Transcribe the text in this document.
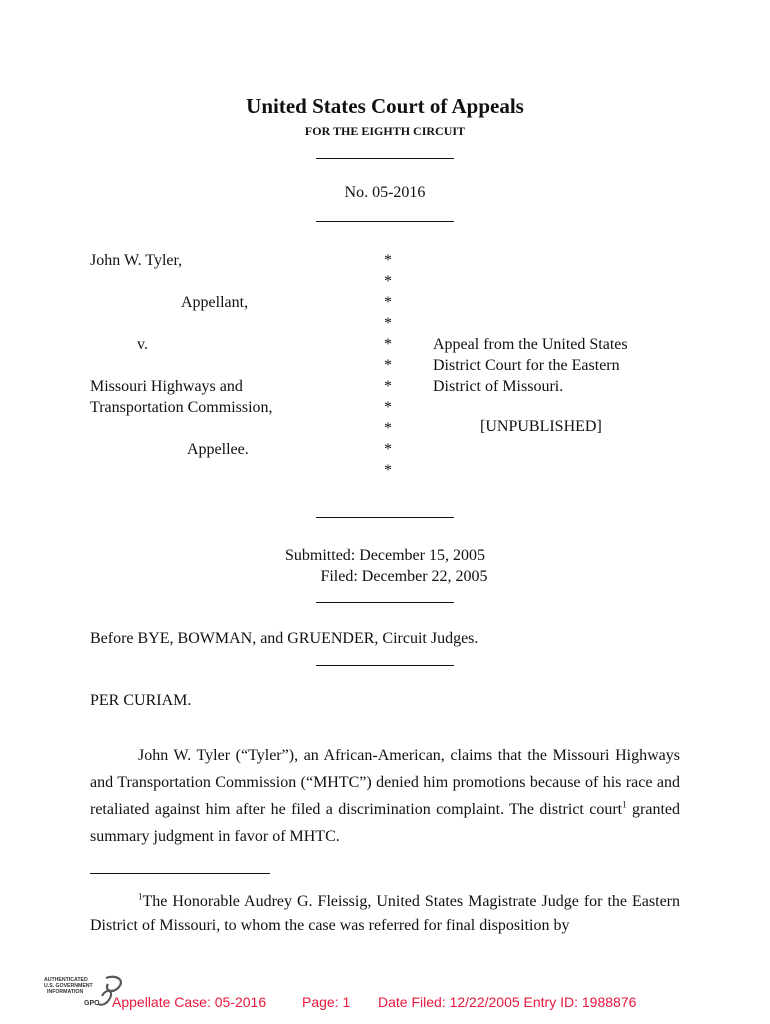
United States Court of Appeals
FOR THE EIGHTH CIRCUIT
No. 05-2016
John W. Tyler,
Appellant,
v.
Missouri Highways and
Transportation Commission,
Appellee.
*
*
*
*
*
*
*
*
*
*
*
Appeal from the United States
District Court for the Eastern
District of Missouri.
[UNPUBLISHED]
Submitted: December 15, 2005
Filed: December 22, 2005
Before BYE, BOWMAN, and GRUENDER, Circuit Judges.
PER CURIAM.
John W. Tyler (“Tyler”), an African-American, claims that the Missouri Highways and Transportation Commission (“MHTC”) denied him promotions because of his race and retaliated against him after he filed a discrimination complaint. The district court$^1$ granted summary judgment in favor of MHTC.
$^1$The Honorable Audrey G. Fleissig, United States Magistrate Judge for the Eastern District of Missouri, to whom the case was referred for final disposition by
AUTHENTICATED
U.S. GOVERNMENT
INFORMATION
GPO Appellate Case: 05-2016	Page: 1 Date Filed: 12/22/2005 Entry ID: 1988876
